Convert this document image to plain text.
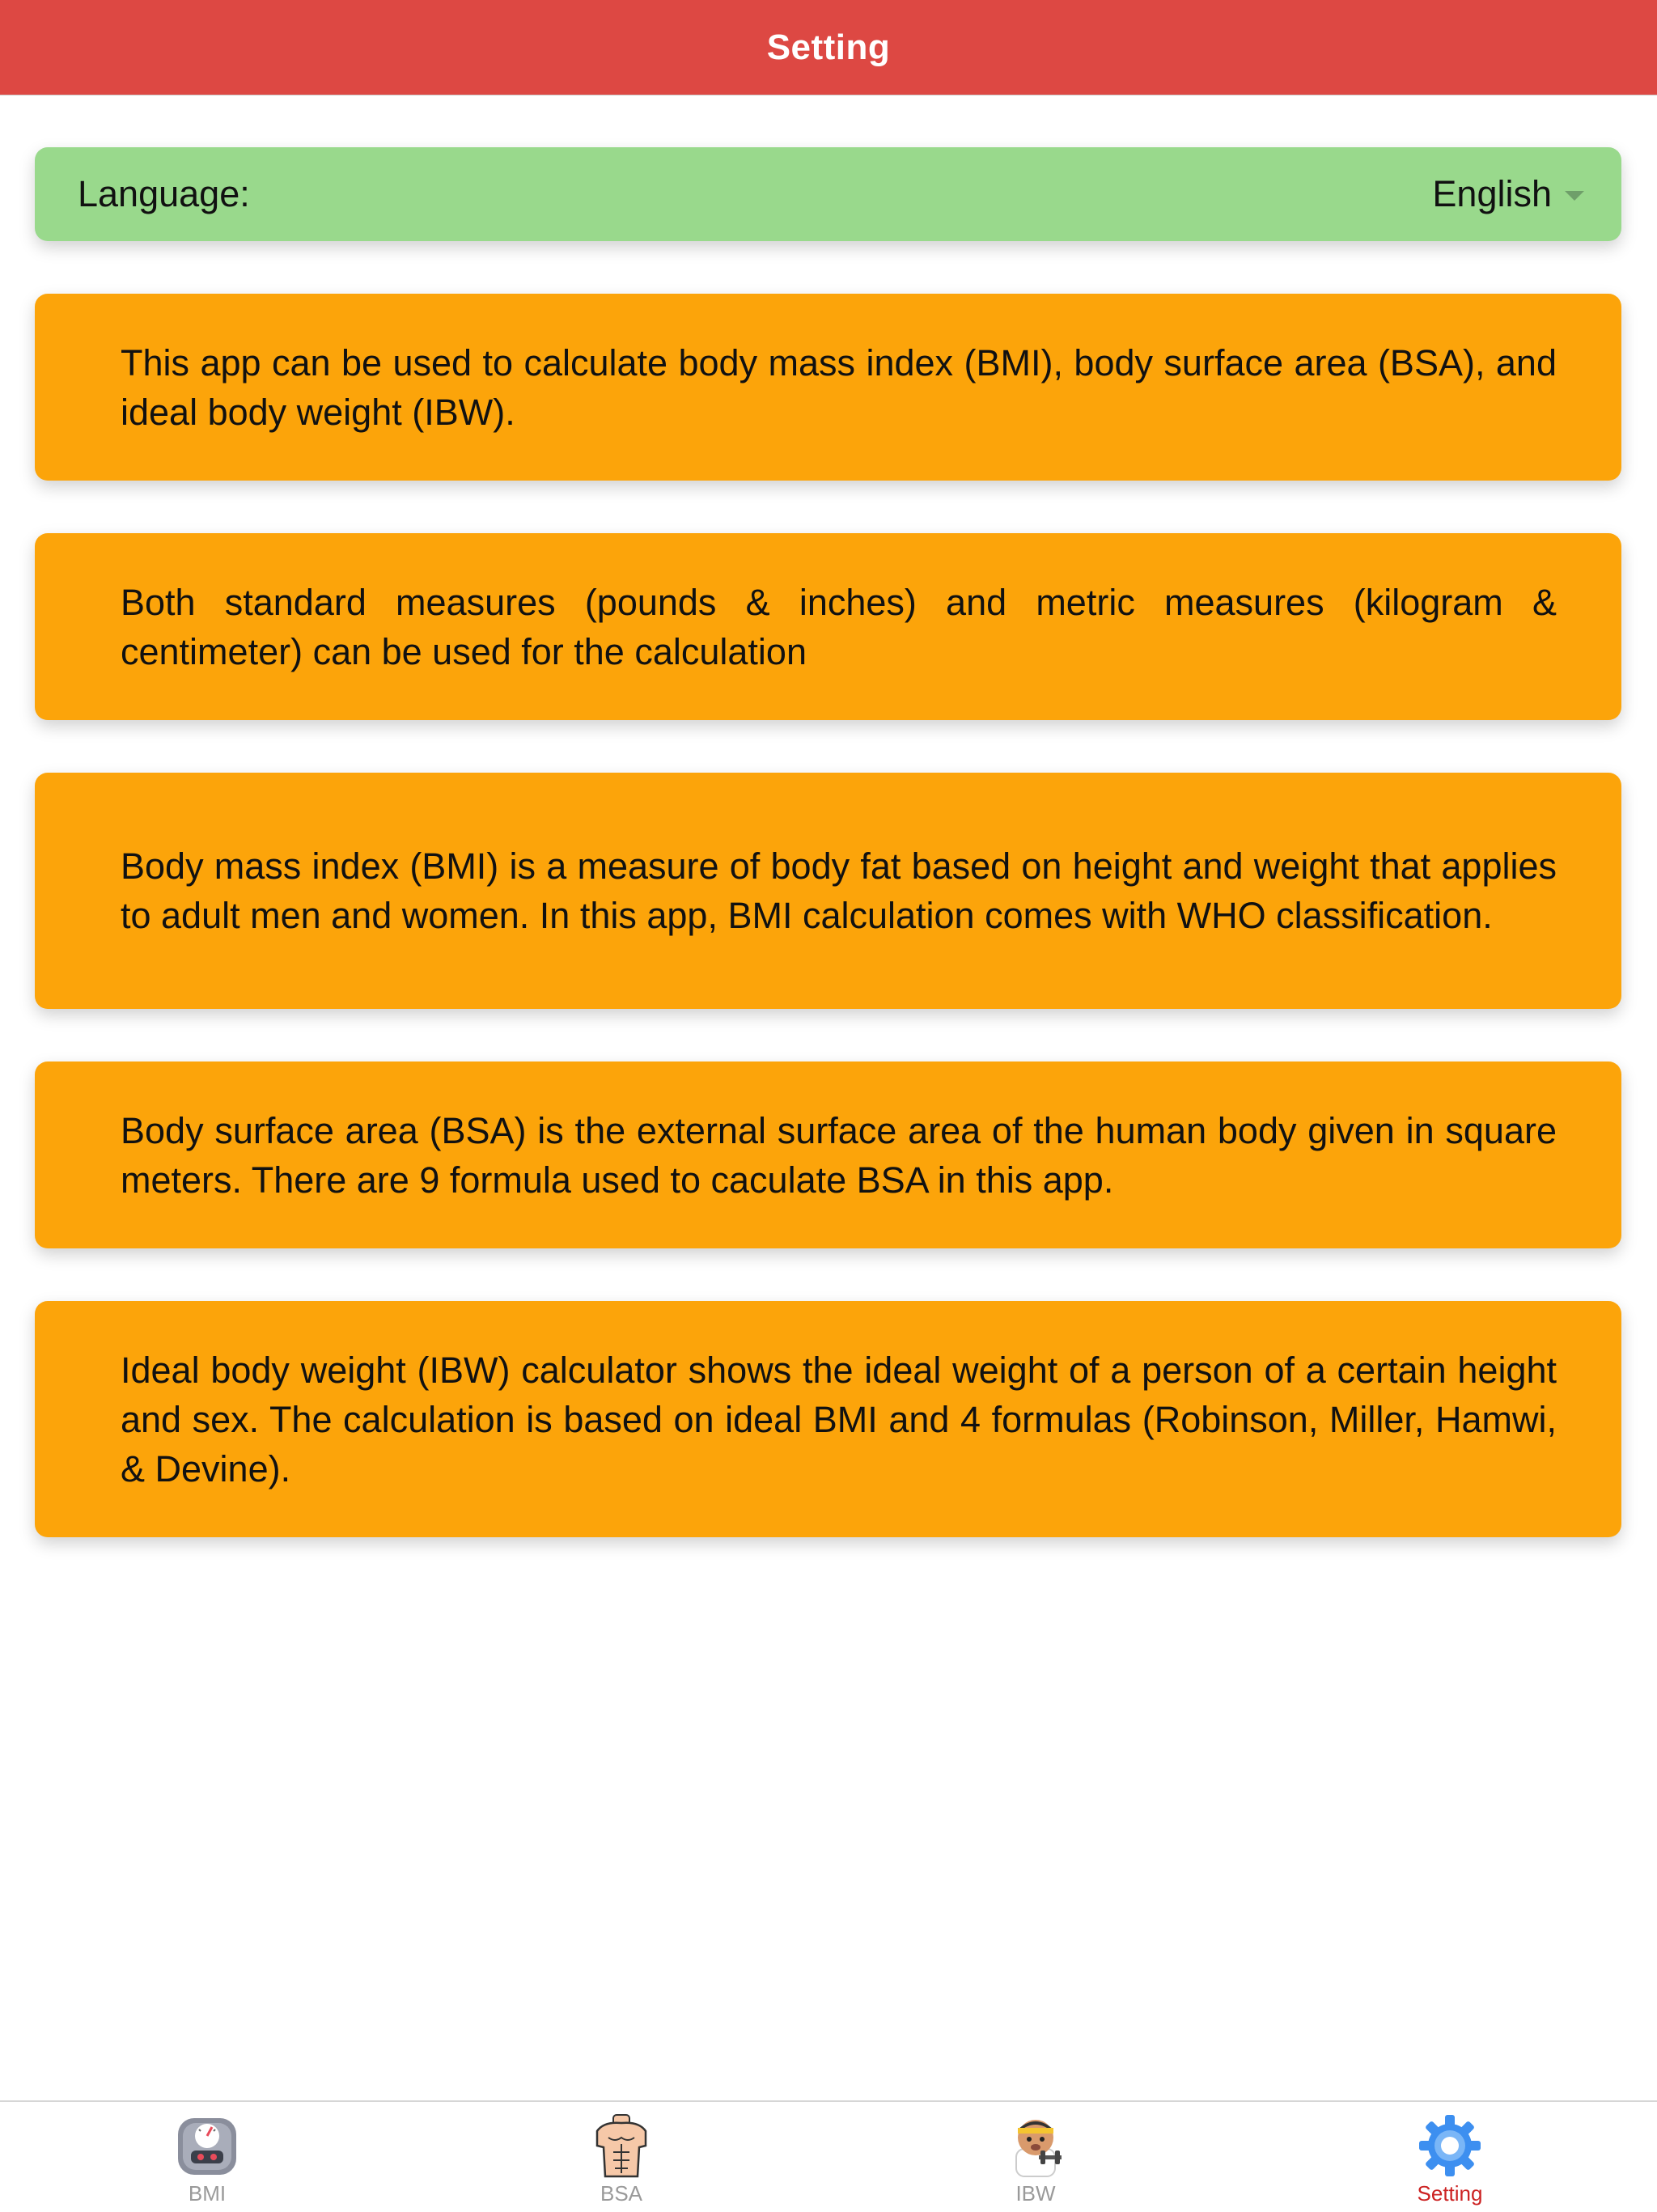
Setting
Language:	English

This app can be used to calculate body mass index (BMI), body surface area (BSA), and ideal body weight (IBW).

Both standard measures (pounds & inches) and metric measures (kilogram & centimeter) can be used for the calculation

Body mass index (BMI) is a measure of body fat based on height and weight that applies to adult men and women. In this app, BMI calculation comes with WHO classification.

Body surface area (BSA) is the external surface area of the human body given in square meters. There are 9 formula used to caculate BSA in this app.

Ideal body weight (IBW) calculator shows the ideal weight of a person of a certain height and sex. The calculation is based on ideal BMI and 4 formulas (Robinson, Miller, Hamwi, & Devine).

BMI	BSA	IBW	Setting
